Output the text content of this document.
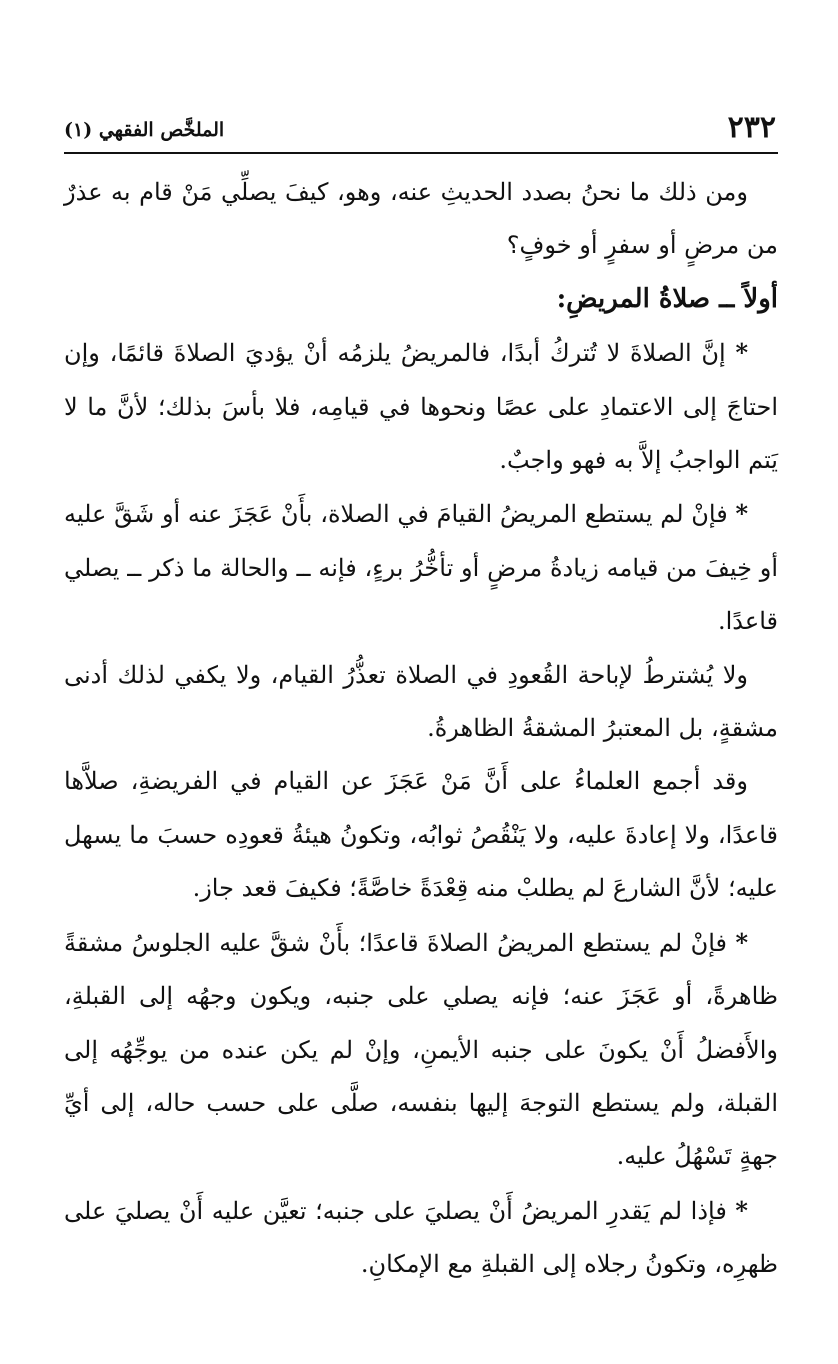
٢٣٢
الملخَّص الفقهي (١)

ومن ذلك ما نحنُ بصدد الحديثِ عنه، وهو، كيفَ يصلِّي مَنْ قام به عذرٌ من مرضٍ أو سفرٍ أو خوفٍ؟

أولاً ــ صلاةُ المريضِ:

* إنَّ الصلاةَ لا تُتركُ أبدًا، فالمريضُ يلزمُه أنْ يؤديَ الصلاةَ قائمًا، وإن احتاجَ إلى الاعتمادِ على عصًا ونحوها في قيامِه، فلا بأسَ بذلك؛ لأنَّ ما لا يَتم الواجبُ إلاَّ به فهو واجبٌ.

* فإنْ لم يستطع المريضُ القيامَ في الصلاة، بأَنْ عَجَزَ عنه أو شَقَّ عليه أو خِيفَ من قيامه زيادةُ مرضٍ أو تأخُّرُ برءٍ، فإنه ــ والحالة ما ذكر ــ يصلي قاعدًا.

ولا يُشترطُ لإباحة القُعودِ في الصلاة تعذُّرُ القيام، ولا يكفي لذلك أدنى مشقةٍ، بل المعتبرُ المشقةُ الظاهرةُ.

وقد أجمع العلماءُ على أَنَّ مَنْ عَجَزَ عن القيام في الفريضةِ، صلاَّها قاعدًا، ولا إعادةَ عليه، ولا يَنْقُصُ ثوابُه، وتكونُ هيئةُ قعودِه حسبَ ما يسهل عليه؛ لأنَّ الشارعَ لم يطلبْ منه قِعْدَةً خاصَّةً؛ فكيفَ قعد جاز.

* فإنْ لم يستطع المريضُ الصلاةَ قاعدًا؛ بأَنْ شقَّ عليه الجلوسُ مشقةً ظاهرةً، أو عَجَزَ عنه؛ فإنه يصلي على جنبه، ويكون وجهُه إلى القبلةِ، والأَفضلُ أَنْ يكونَ على جنبه الأيمنِ، وإنْ لم يكن عنده من يوجِّهُه إلى القبلة، ولم يستطع التوجهَ إليها بنفسه، صلَّى على حسب حاله، إلى أيِّ جهةٍ تَسْهُلُ عليه.

* فإذا لم يَقدرِ المريضُ أَنْ يصليَ على جنبه؛ تعيَّن عليه أَنْ يصليَ على ظهرِه، وتكونُ رجلاه إلى القبلةِ مع الإمكانِ.
